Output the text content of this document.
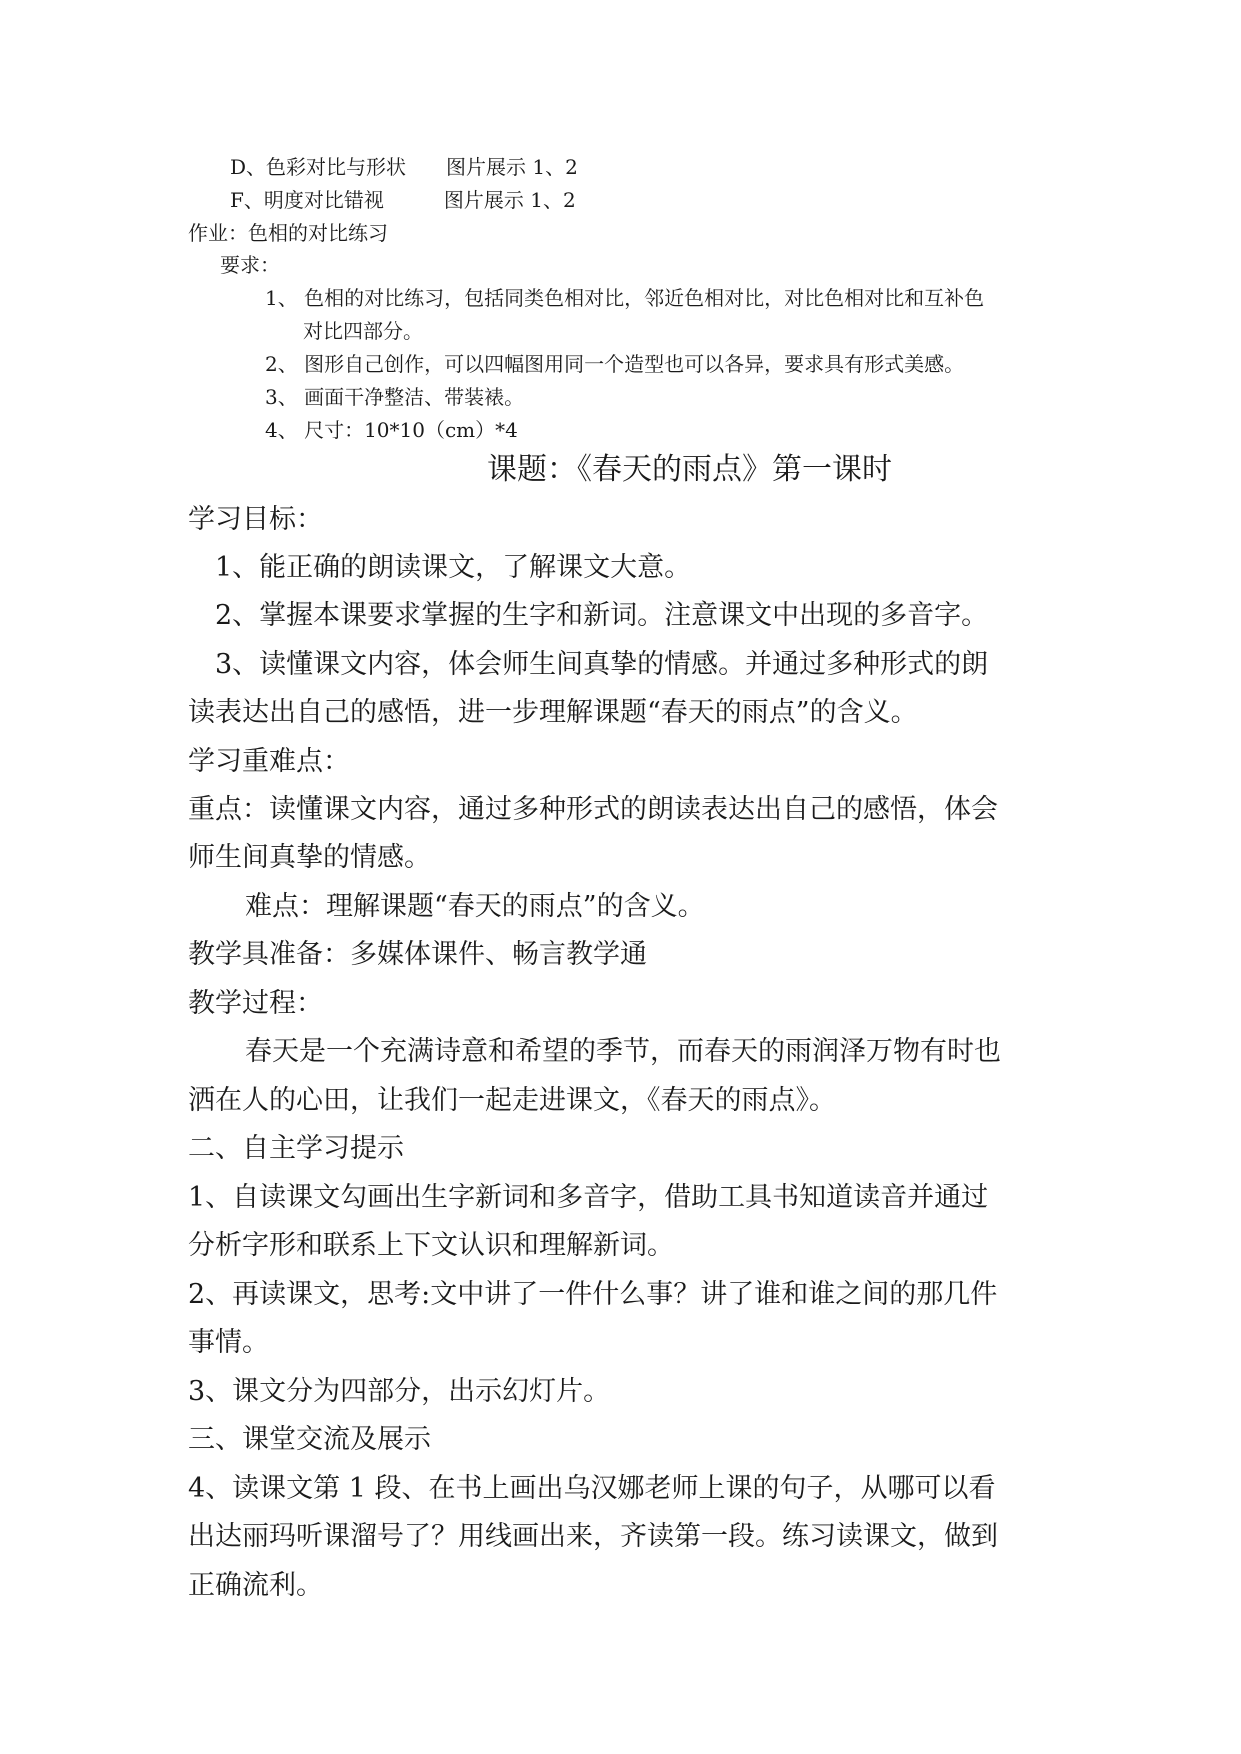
D、色彩对比与形状　　图片展示 1、2
F、明度对比错视　　　图片展示 1、2
作业：色相的对比练习
要求：
1、 色相的对比练习，包括同类色相对比，邻近色相对比，对比色相对比和互补色
对比四部分。
2、 图形自己创作，可以四幅图用同一个造型也可以各异，要求具有形式美感。
3、 画面干净整洁、带装裱。
4、 尺寸：10*10（cm）*4
课题：《春天的雨点》第一课时
学习目标：
1、能正确的朗读课文，了解课文大意。
2、掌握本课要求掌握的生字和新词。注意课文中出现的多音字。
3、读懂课文内容，体会师生间真挚的情感。并通过多种形式的朗
读表达出自己的感悟，进一步理解课题“春天的雨点”的含义。
学习重难点：
重点：读懂课文内容，通过多种形式的朗读表达出自己的感悟，体会
师生间真挚的情感。
难点：理解课题“春天的雨点”的含义。
教学具准备：多媒体课件、畅言教学通
教学过程：
春天是一个充满诗意和希望的季节，而春天的雨润泽万物有时也
洒在人的心田，让我们一起走进课文，《春天的雨点》。
二、自主学习提示
1、自读课文勾画出生字新词和多音字，借助工具书知道读音并通过
分析字形和联系上下文认识和理解新词。
2、再读课文，思考:文中讲了一件什么事？讲了谁和谁之间的那几件
事情。
3、课文分为四部分，出示幻灯片。
三、课堂交流及展示
4、读课文第 1 段、在书上画出乌汉娜老师上课的句子，从哪可以看
出达丽玛听课溜号了？用线画出来，齐读第一段。练习读课文，做到
正确流利。
